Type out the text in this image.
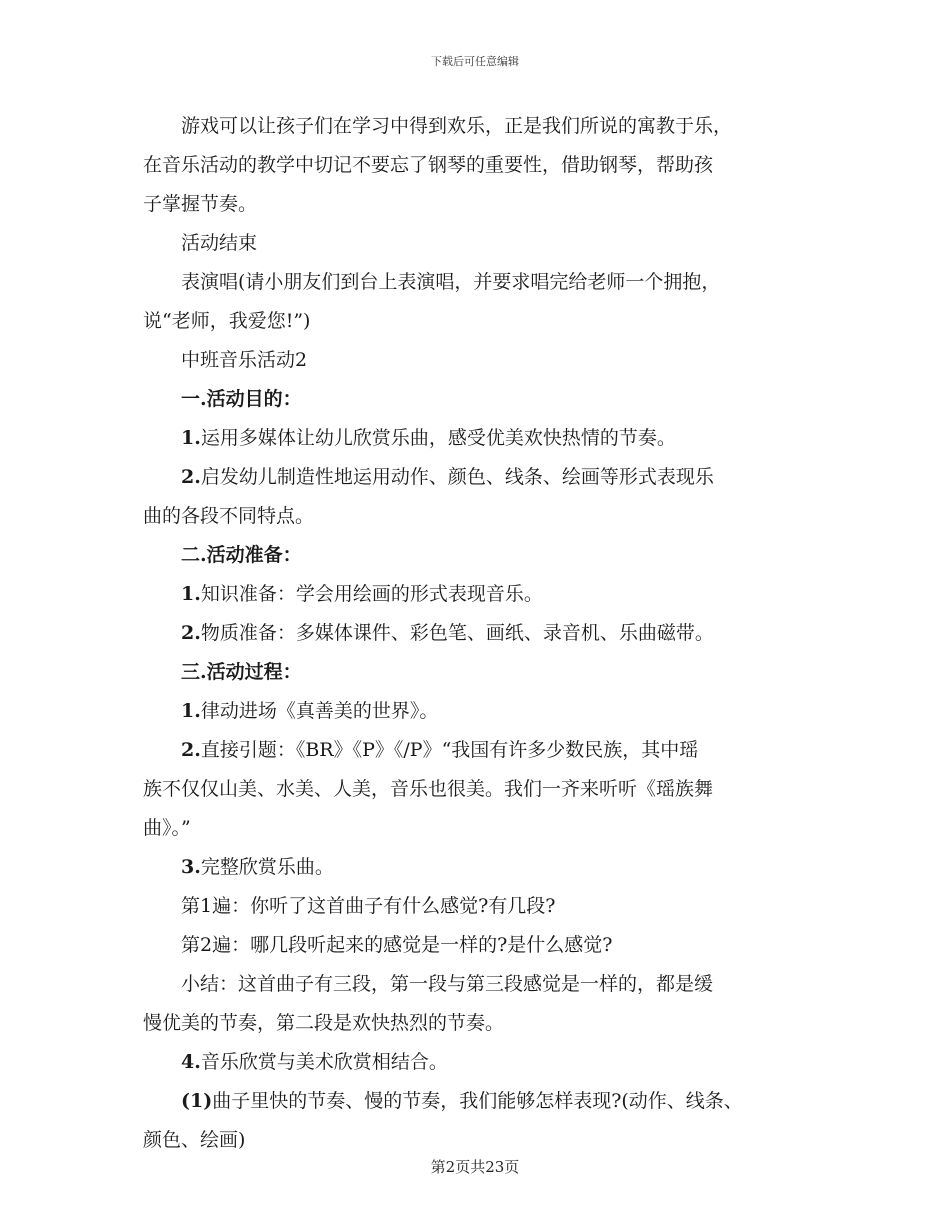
下载后可任意编辑

游戏可以让孩子们在学习中得到欢乐，正是我们所说的寓教于乐，

在音乐活动的教学中切记不要忘了钢琴的重要性，借助钢琴，帮助孩

子掌握节奏。

活动结束

表演唱(请小朋友们到台上表演唱，并要求唱完给老师一个拥抱，

说“老师，我爱您!”)

中班音乐活动2

一.活动目的：

1.运用多媒体让幼儿欣赏乐曲，感受优美欢快热情的节奏。

2.启发幼儿制造性地运用动作、颜色、线条、绘画等形式表现乐

曲的各段不同特点。

二.活动准备：

1.知识准备：学会用绘画的形式表现音乐。

2.物质准备：多媒体课件、彩色笔、画纸、录音机、乐曲磁带。

三.活动过程：

1.律动进场《真善美的世界》。

2.直接引题：《BR》《P》《/P》“我国有许多少数民族，其中瑶

族不仅仅山美、水美、人美，音乐也很美。我们一齐来听听《瑶族舞

曲》。”

3.完整欣赏乐曲。

第1遍：你听了这首曲子有什么感觉?有几段?

第2遍：哪几段听起来的感觉是一样的?是什么感觉?

小结：这首曲子有三段，第一段与第三段感觉是一样的，都是缓

慢优美的节奏，第二段是欢快热烈的节奏。

4.音乐欣赏与美术欣赏相结合。

(1)曲子里快的节奏、慢的节奏，我们能够怎样表现?(动作、线条、

颜色、绘画)

第2页共23页
